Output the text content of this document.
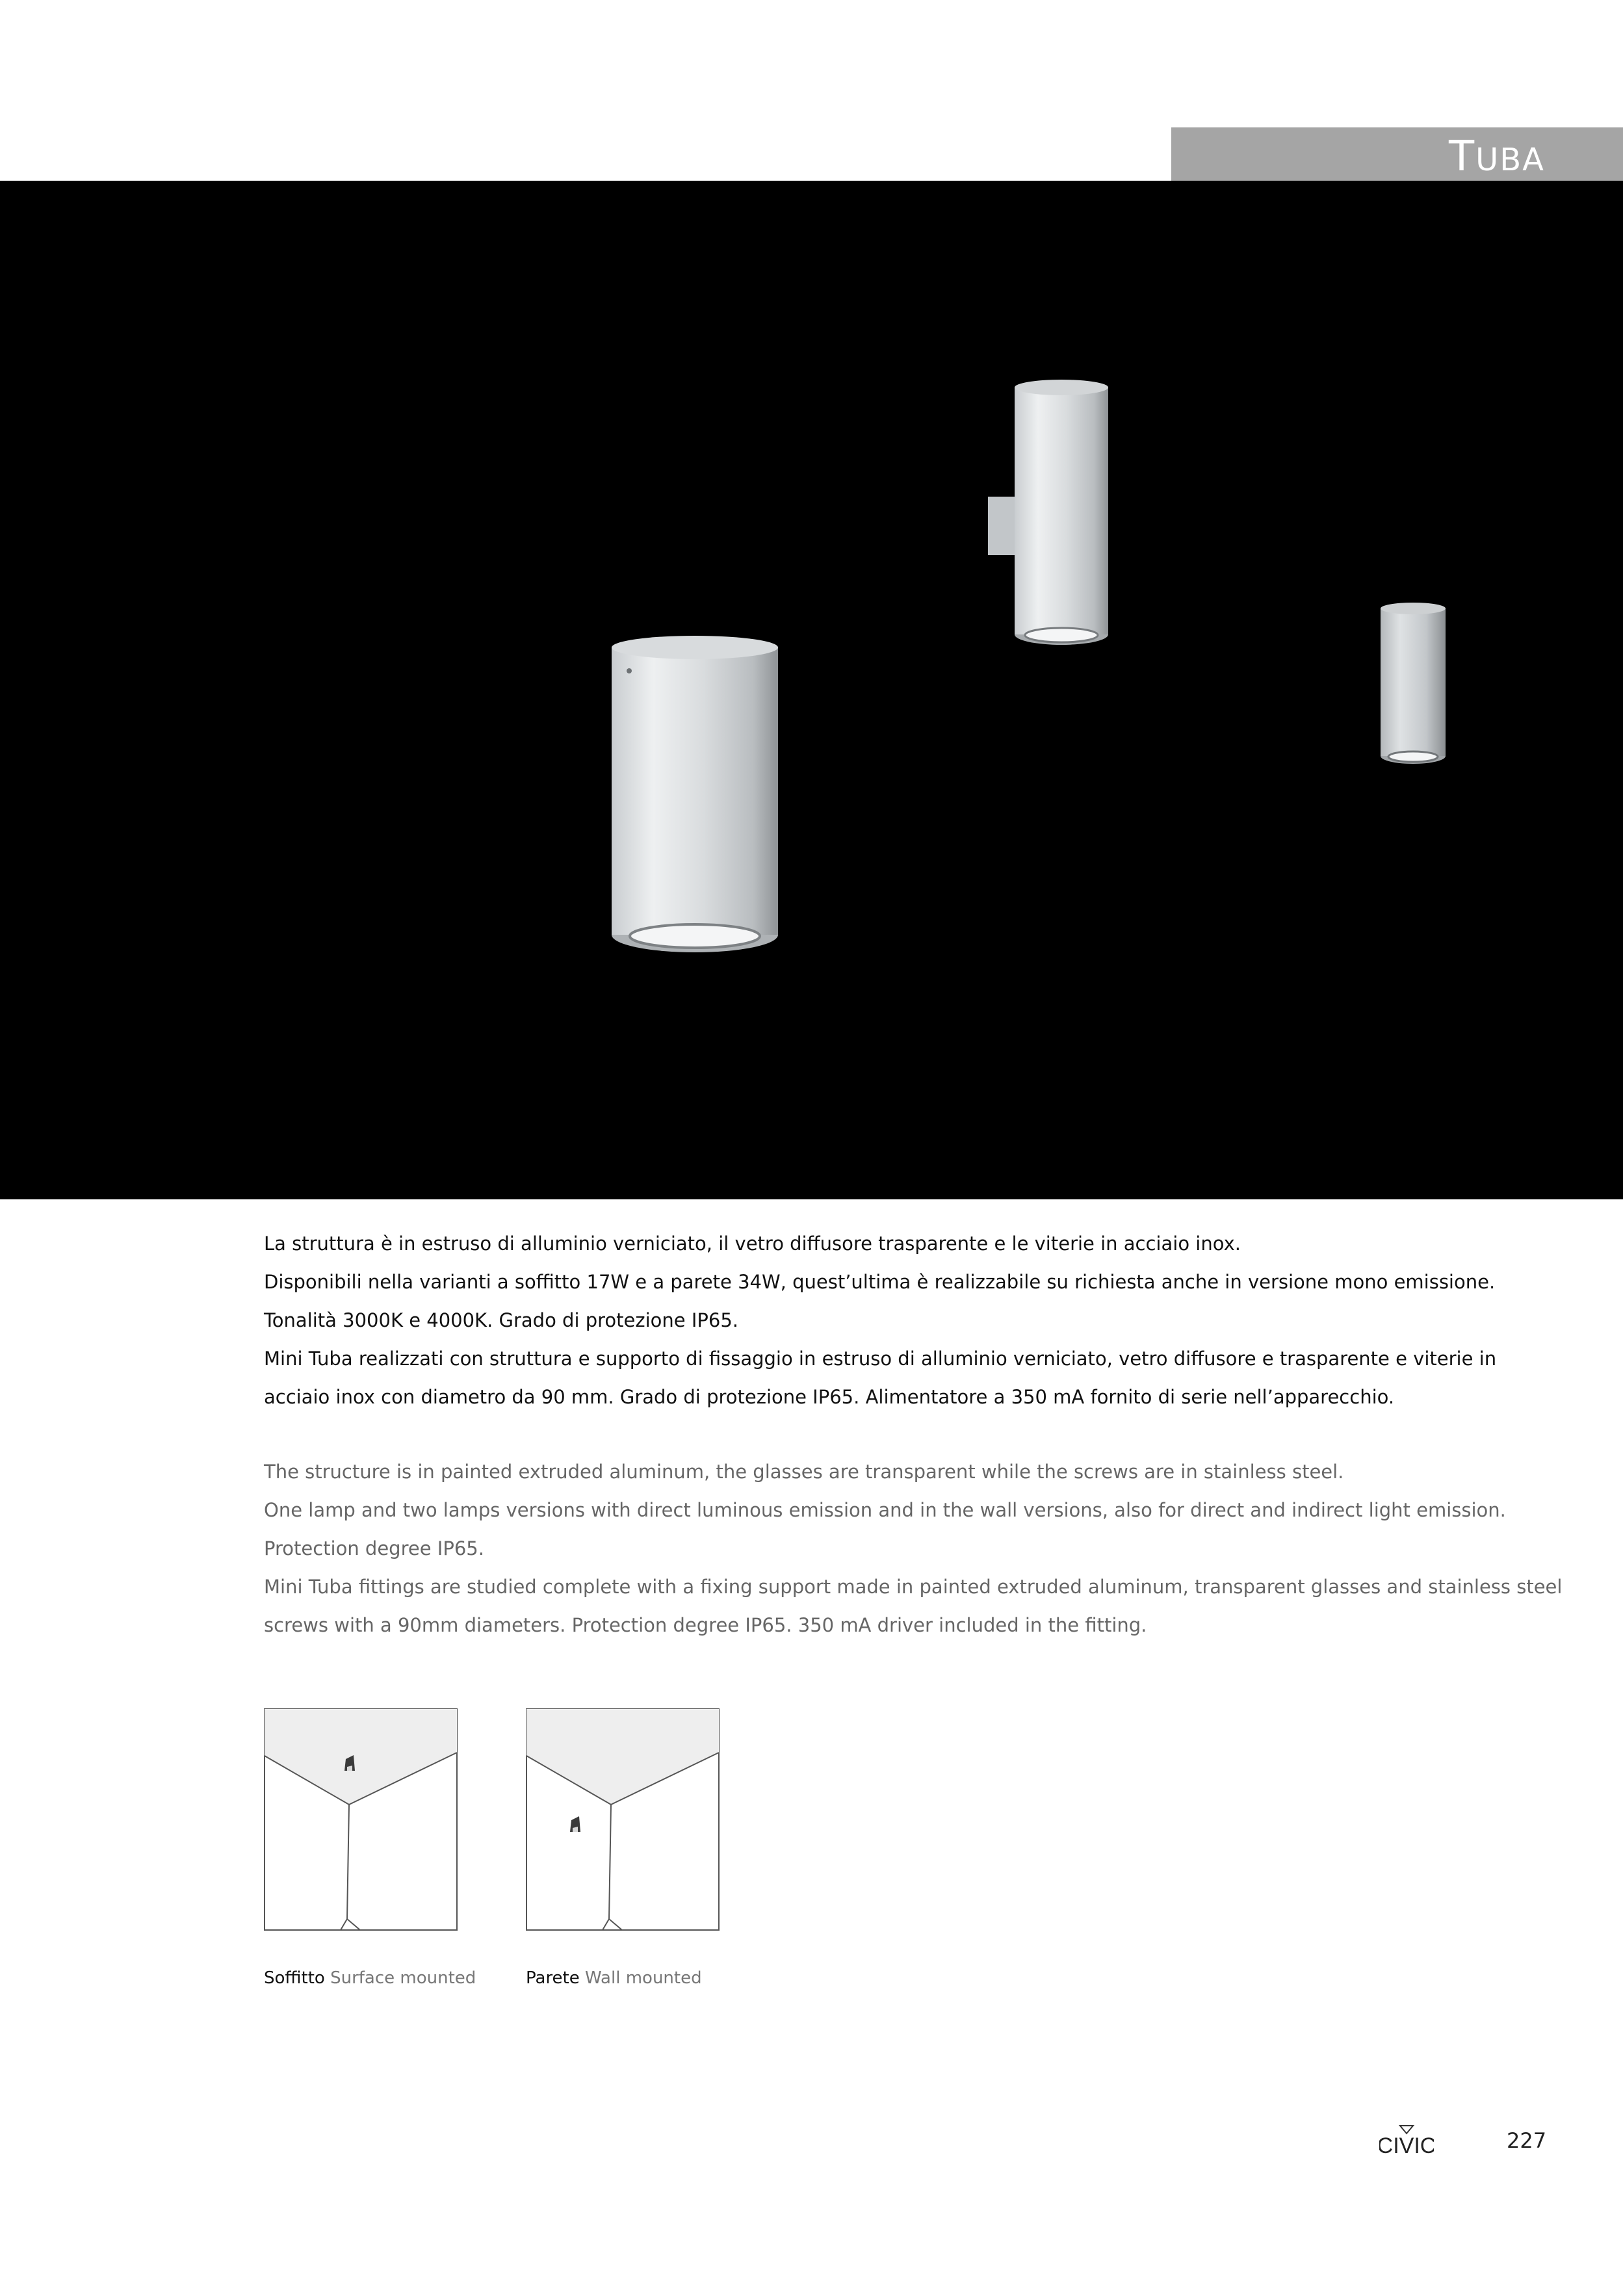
TUBA

La struttura è in estruso di alluminio verniciato, il vetro diffusore trasparente e le viterie in acciaio inox.

Disponibili nella varianti a soffitto 17W e a parete 34W, quest’ultima è realizzabile su richiesta anche in versione mono emissione.

Tonalità 3000K e 4000K. Grado di protezione IP65.

Mini Tuba realizzati con struttura e supporto di fissaggio in estruso di alluminio verniciato, vetro diffusore e trasparente e viterie in

acciaio inox con diametro da 90 mm. Grado di protezione IP65. Alimentatore a 350 mA fornito di serie nell’apparecchio.

The structure is in painted extruded aluminum, the glasses are transparent while the screws are in stainless steel.

One lamp and two lamps versions with direct luminous emission and in the wall versions, also for direct and indirect light emission.

Protection degree IP65.

Mini Tuba fittings are studied complete with a fixing support made in painted extruded aluminum, transparent glasses and stainless steel

screws with a 90mm diameters. Protection degree IP65. 350 mA driver included in the fitting.

Soffitto Surface mounted	Parete Wall mounted
CIVIC	227
